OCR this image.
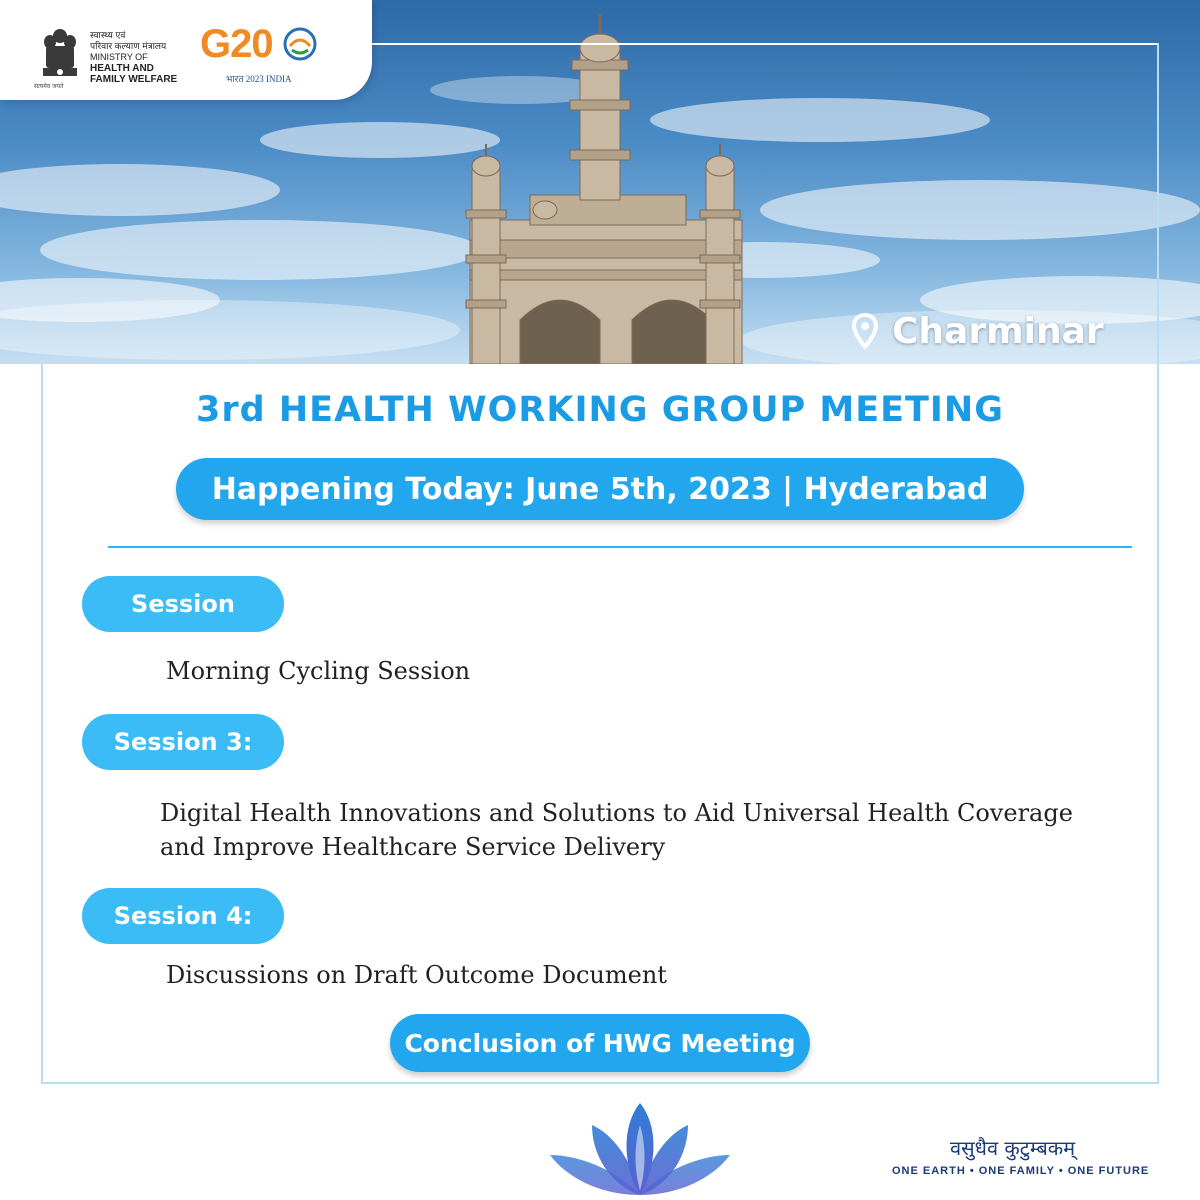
सत्यमेव जयते
स्वास्थ्य एवं
परिवार कल्याण मंत्रालय
MINISTRY OF
HEALTH AND
FAMILY WELFARE
G20
भारत 2023 INDIA
Charminar
3rd HEALTH WORKING GROUP MEETING
Happening Today: June 5th, 2023 | Hyderabad
Session
Morning Cycling Session
Session 3:
Digital Health Innovations and Solutions to Aid Universal Health Coverage
and Improve Healthcare Service Delivery
Session 4:
Discussions on Draft Outcome Document
Conclusion of HWG Meeting
वसुधैव कुटुम्बकम्
ONE EARTH • ONE FAMILY • ONE FUTURE
